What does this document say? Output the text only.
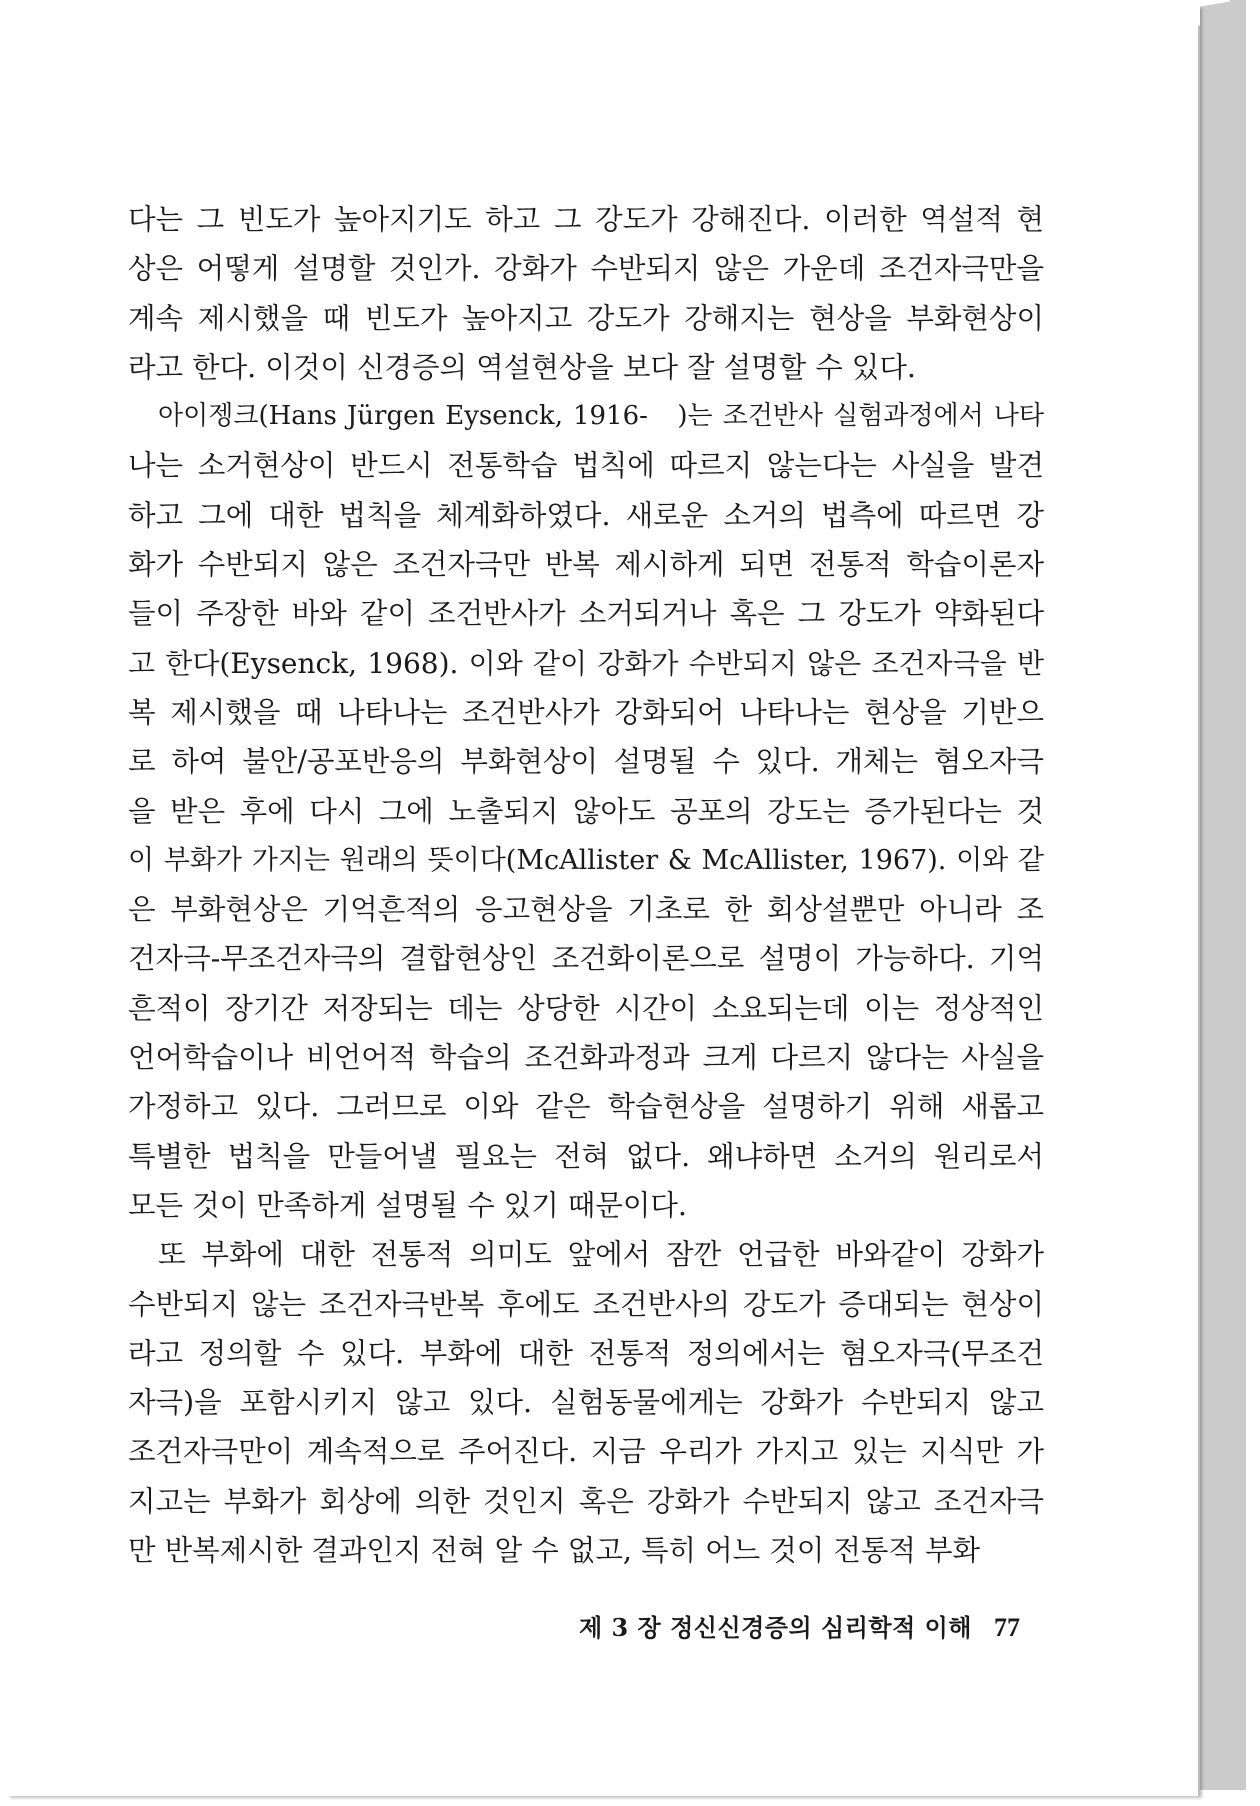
다는 그 빈도가 높아지기도 하고 그 강도가 강해진다. 이러한 역설적 현
상은 어떻게 설명할 것인가. 강화가 수반되지 않은 가운데 조건자극만을
계속 제시했을 때 빈도가 높아지고 강도가 강해지는 현상을 부화현상이
라고 한다. 이것이 신경증의 역설현상을 보다 잘 설명할 수 있다.
아이젱크(Hans Jürgen Eysenck, 1916-　)는 조건반사 실험과정에서 나타
나는 소거현상이 반드시 전통학습 법칙에 따르지 않는다는 사실을 발견
하고 그에 대한 법칙을 체계화하였다. 새로운 소거의 법측에 따르면 강
화가 수반되지 않은 조건자극만 반복 제시하게 되면 전통적 학습이론자
들이 주장한 바와 같이 조건반사가 소거되거나 혹은 그 강도가 약화된다
고 한다(Eysenck, 1968). 이와 같이 강화가 수반되지 않은 조건자극을 반
복 제시했을 때 나타나는 조건반사가 강화되어 나타나는 현상을 기반으
로 하여 불안/공포반응의 부화현상이 설명될 수 있다. 개체는 혐오자극
을 받은 후에 다시 그에 노출되지 않아도 공포의 강도는 증가된다는 것
이 부화가 가지는 원래의 뜻이다(McAllister & McAllister, 1967). 이와 같
은 부화현상은 기억흔적의 응고현상을 기초로 한 회상설뿐만 아니라 조
건자극-무조건자극의 결합현상인 조건화이론으로 설명이 가능하다. 기억
흔적이 장기간 저장되는 데는 상당한 시간이 소요되는데 이는 정상적인
언어학습이나 비언어적 학습의 조건화과정과 크게 다르지 않다는 사실을
가정하고 있다. 그러므로 이와 같은 학습현상을 설명하기 위해 새롭고
특별한 법칙을 만들어낼 필요는 전혀 없다. 왜냐하면 소거의 원리로서
모든 것이 만족하게 설명될 수 있기 때문이다.
또 부화에 대한 전통적 의미도 앞에서 잠깐 언급한 바와같이 강화가
수반되지 않는 조건자극반복 후에도 조건반사의 강도가 증대되는 현상이
라고 정의할 수 있다. 부화에 대한 전통적 정의에서는 혐오자극(무조건
자극)을 포함시키지 않고 있다. 실험동물에게는 강화가 수반되지 않고
조건자극만이 계속적으로 주어진다. 지금 우리가 가지고 있는 지식만 가
지고는 부화가 회상에 의한 것인지 혹은 강화가 수반되지 않고 조건자극
만 반복제시한 결과인지 전혀 알 수 없고, 특히 어느 것이 전통적 부화
제 3 장 정신신경증의 심리학적 이해 77
